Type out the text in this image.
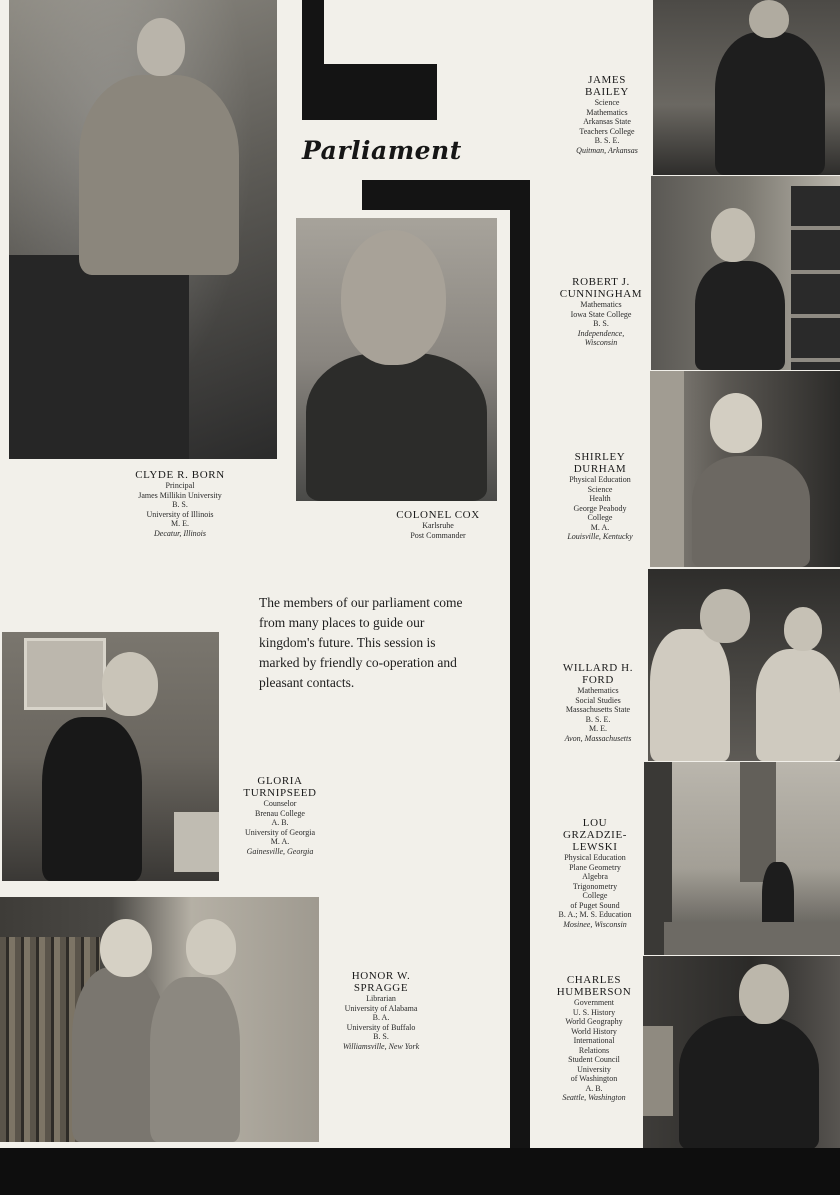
Parliament
CLYDE R. BORN
Principal
James Millikin University
B. S.
University of Illinois
M. E.
Decatur, Illinois
COLONEL COX
Karlsruhe
Post Commander
The members of our parliament come from many places to guide our kingdom's future. This session is marked by friendly co-operation and pleasant contacts.
GLORIA
TURNIPSEED
Counselor
Brenau College
A. B.
University of Georgia
M. A.
Gainesville, Georgia
HONOR W.
SPRAGGE
Librarian
University of Alabama
B. A.
University of Buffalo
B. S.
Williamsville, New York
JAMES
BAILEY
Science
Mathematics
Arkansas State
Teachers College
B. S. E.
Quitman, Arkansas
ROBERT J.
CUNNINGHAM
Mathematics
Iowa State College
B. S.
Independence,
Wisconsin
SHIRLEY
DURHAM
Physical Education
Science
Health
George Peabody
College
M. A.
Louisville, Kentucky
WILLARD H.
FORD
Mathematics
Social Studies
Massachusetts State
B. S. E.
M. E.
Avon, Massachusetts
LOU
GRZADZIE-
LEWSKI
Physical Education
Plane Geometry
Algebra
Trigonometry
College
of Puget Sound
B. A.; M. S. Education
Mosinee, Wisconsin
CHARLES
HUMBERSON
Government
U. S. History
World Geography
World History
International
Relations
Student Council
University
of Washington
A. B.
Seattle, Washington
